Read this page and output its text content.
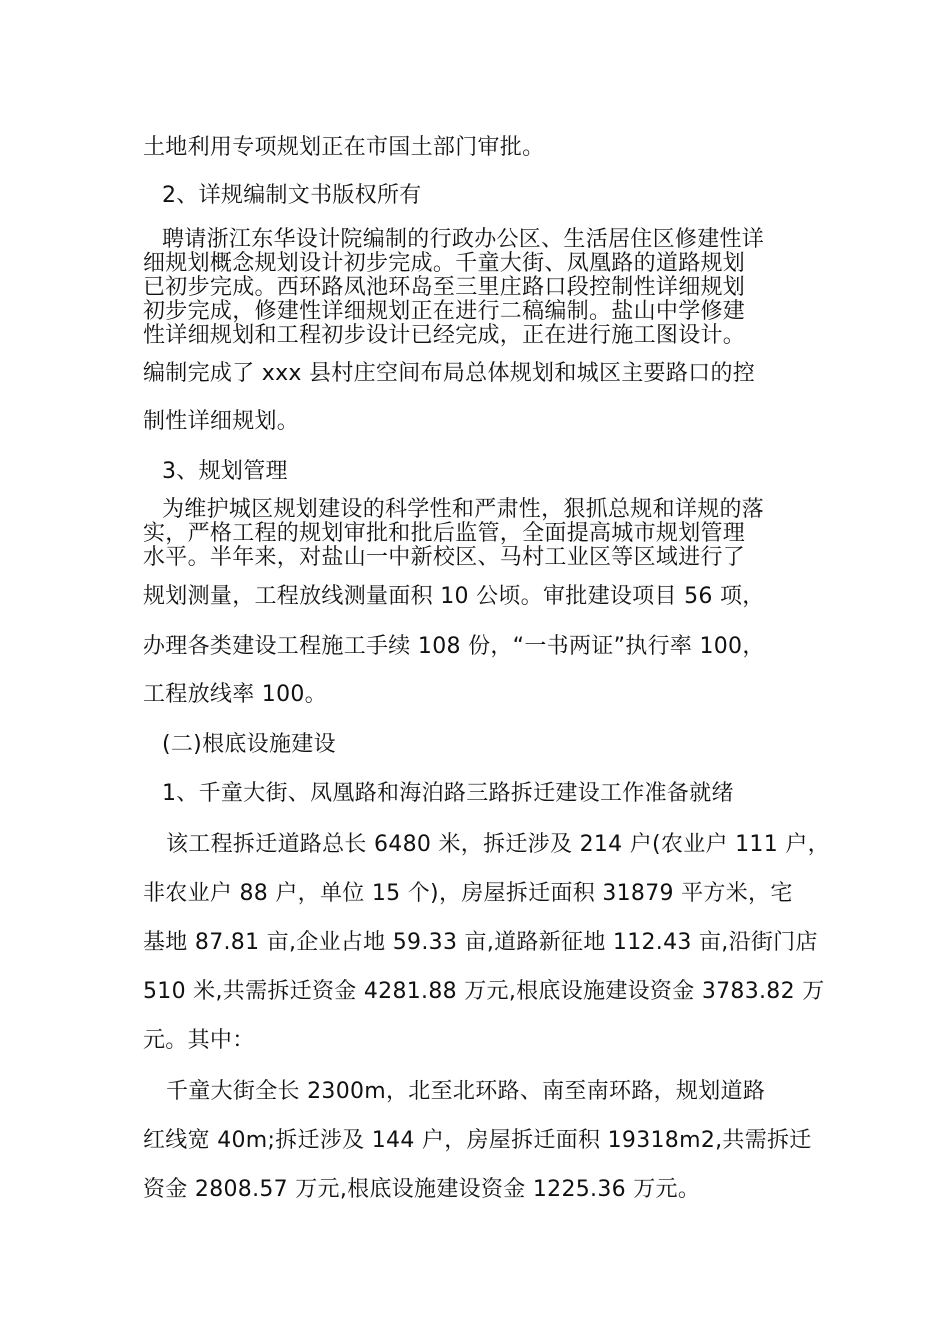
土地利用专项规划正在市国土部门审批。
2、详规编制文书版权所有
聘请浙江东华设计院编制的行政办公区、生活居住区修建性详
细规划概念规划设计初步完成。千童大街、凤凰路的道路规划
已初步完成。西环路凤池环岛至三里庄路口段控制性详细规划
初步完成，修建性详细规划正在进行二稿编制。盐山中学修建
性详细规划和工程初步设计已经完成，正在进行施工图设计。
编制完成了 xxx 县村庄空间布局总体规划和城区主要路口的控
制性详细规划。
3、规划管理
为维护城区规划建设的科学性和严肃性，狠抓总规和详规的落
实，严格工程的规划审批和批后监管，全面提高城市规划管理
水平。半年来，对盐山一中新校区、马村工业区等区域进行了
规划测量，工程放线测量面积 10 公顷。审批建设项目 56 项，
办理各类建设工程施工手续 108 份，“一书两证”执行率 100，
工程放线率 100。
(二)根底设施建设
1、千童大街、凤凰路和海泊路三路拆迁建设工作准备就绪
该工程拆迁道路总长 6480 米，拆迁涉及 214 户(农业户 111 户，
非农业户 88 户，单位 15 个)，房屋拆迁面积 31879 平方米，宅
基地 87.81 亩,企业占地 59.33 亩,道路新征地 112.43 亩,沿街门店
510 米,共需拆迁资金 4281.88 万元,根底设施建设资金 3783.82 万
元。其中：
千童大街全长 2300m，北至北环路、南至南环路，规划道路
红线宽 40m;拆迁涉及 144 户，房屋拆迁面积 19318m2,共需拆迁
资金 2808.57 万元,根底设施建设资金 1225.36 万元。
